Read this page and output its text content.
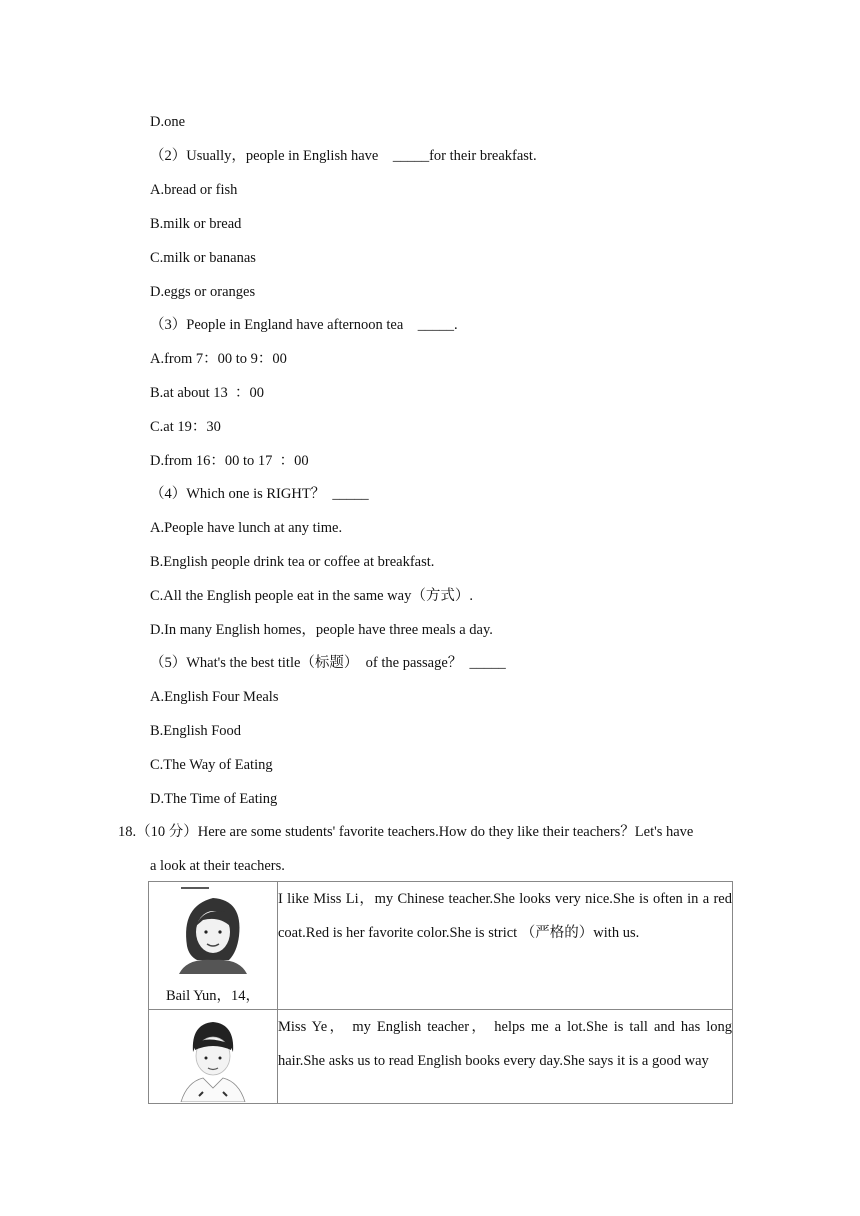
D.one
（2）Usually，people in English have    _____for their breakfast.
A.bread or fish
B.milk or bread
C.milk or bananas
D.eggs or oranges
（3）People in England have afternoon tea    _____.
A.from 7：00 to 9：00
B.at about 13  ：00
C.at 19：30
D.from 16：00 to 17  ：00
（4）Which one is RIGHT？  _____
A.People have lunch at any time.
B.English people drink tea or coffee at breakfast.
C.All the English people eat in the same way（方式）.
D.In many English homes，people have three meals a day.
（5）What's the best title（标题）  of the passage？  _____
A.English Four Meals
B.English Food
C.The Way of Eating
D.The Time of Eating
18.（10 分）Here are some students' favorite teachers.How do they like their teachers？Let's have
a look at their teachers.
Bail Yun，14，	I like Miss Li，my Chinese teacher.She looks very nice.She is often in a red coat.Red is her favorite color.She is strict （严格的）with us.

	Miss Ye， my English teacher， helps me a lot.She is tall and has long hair.She asks us to read English books every day.She says it is a good way
